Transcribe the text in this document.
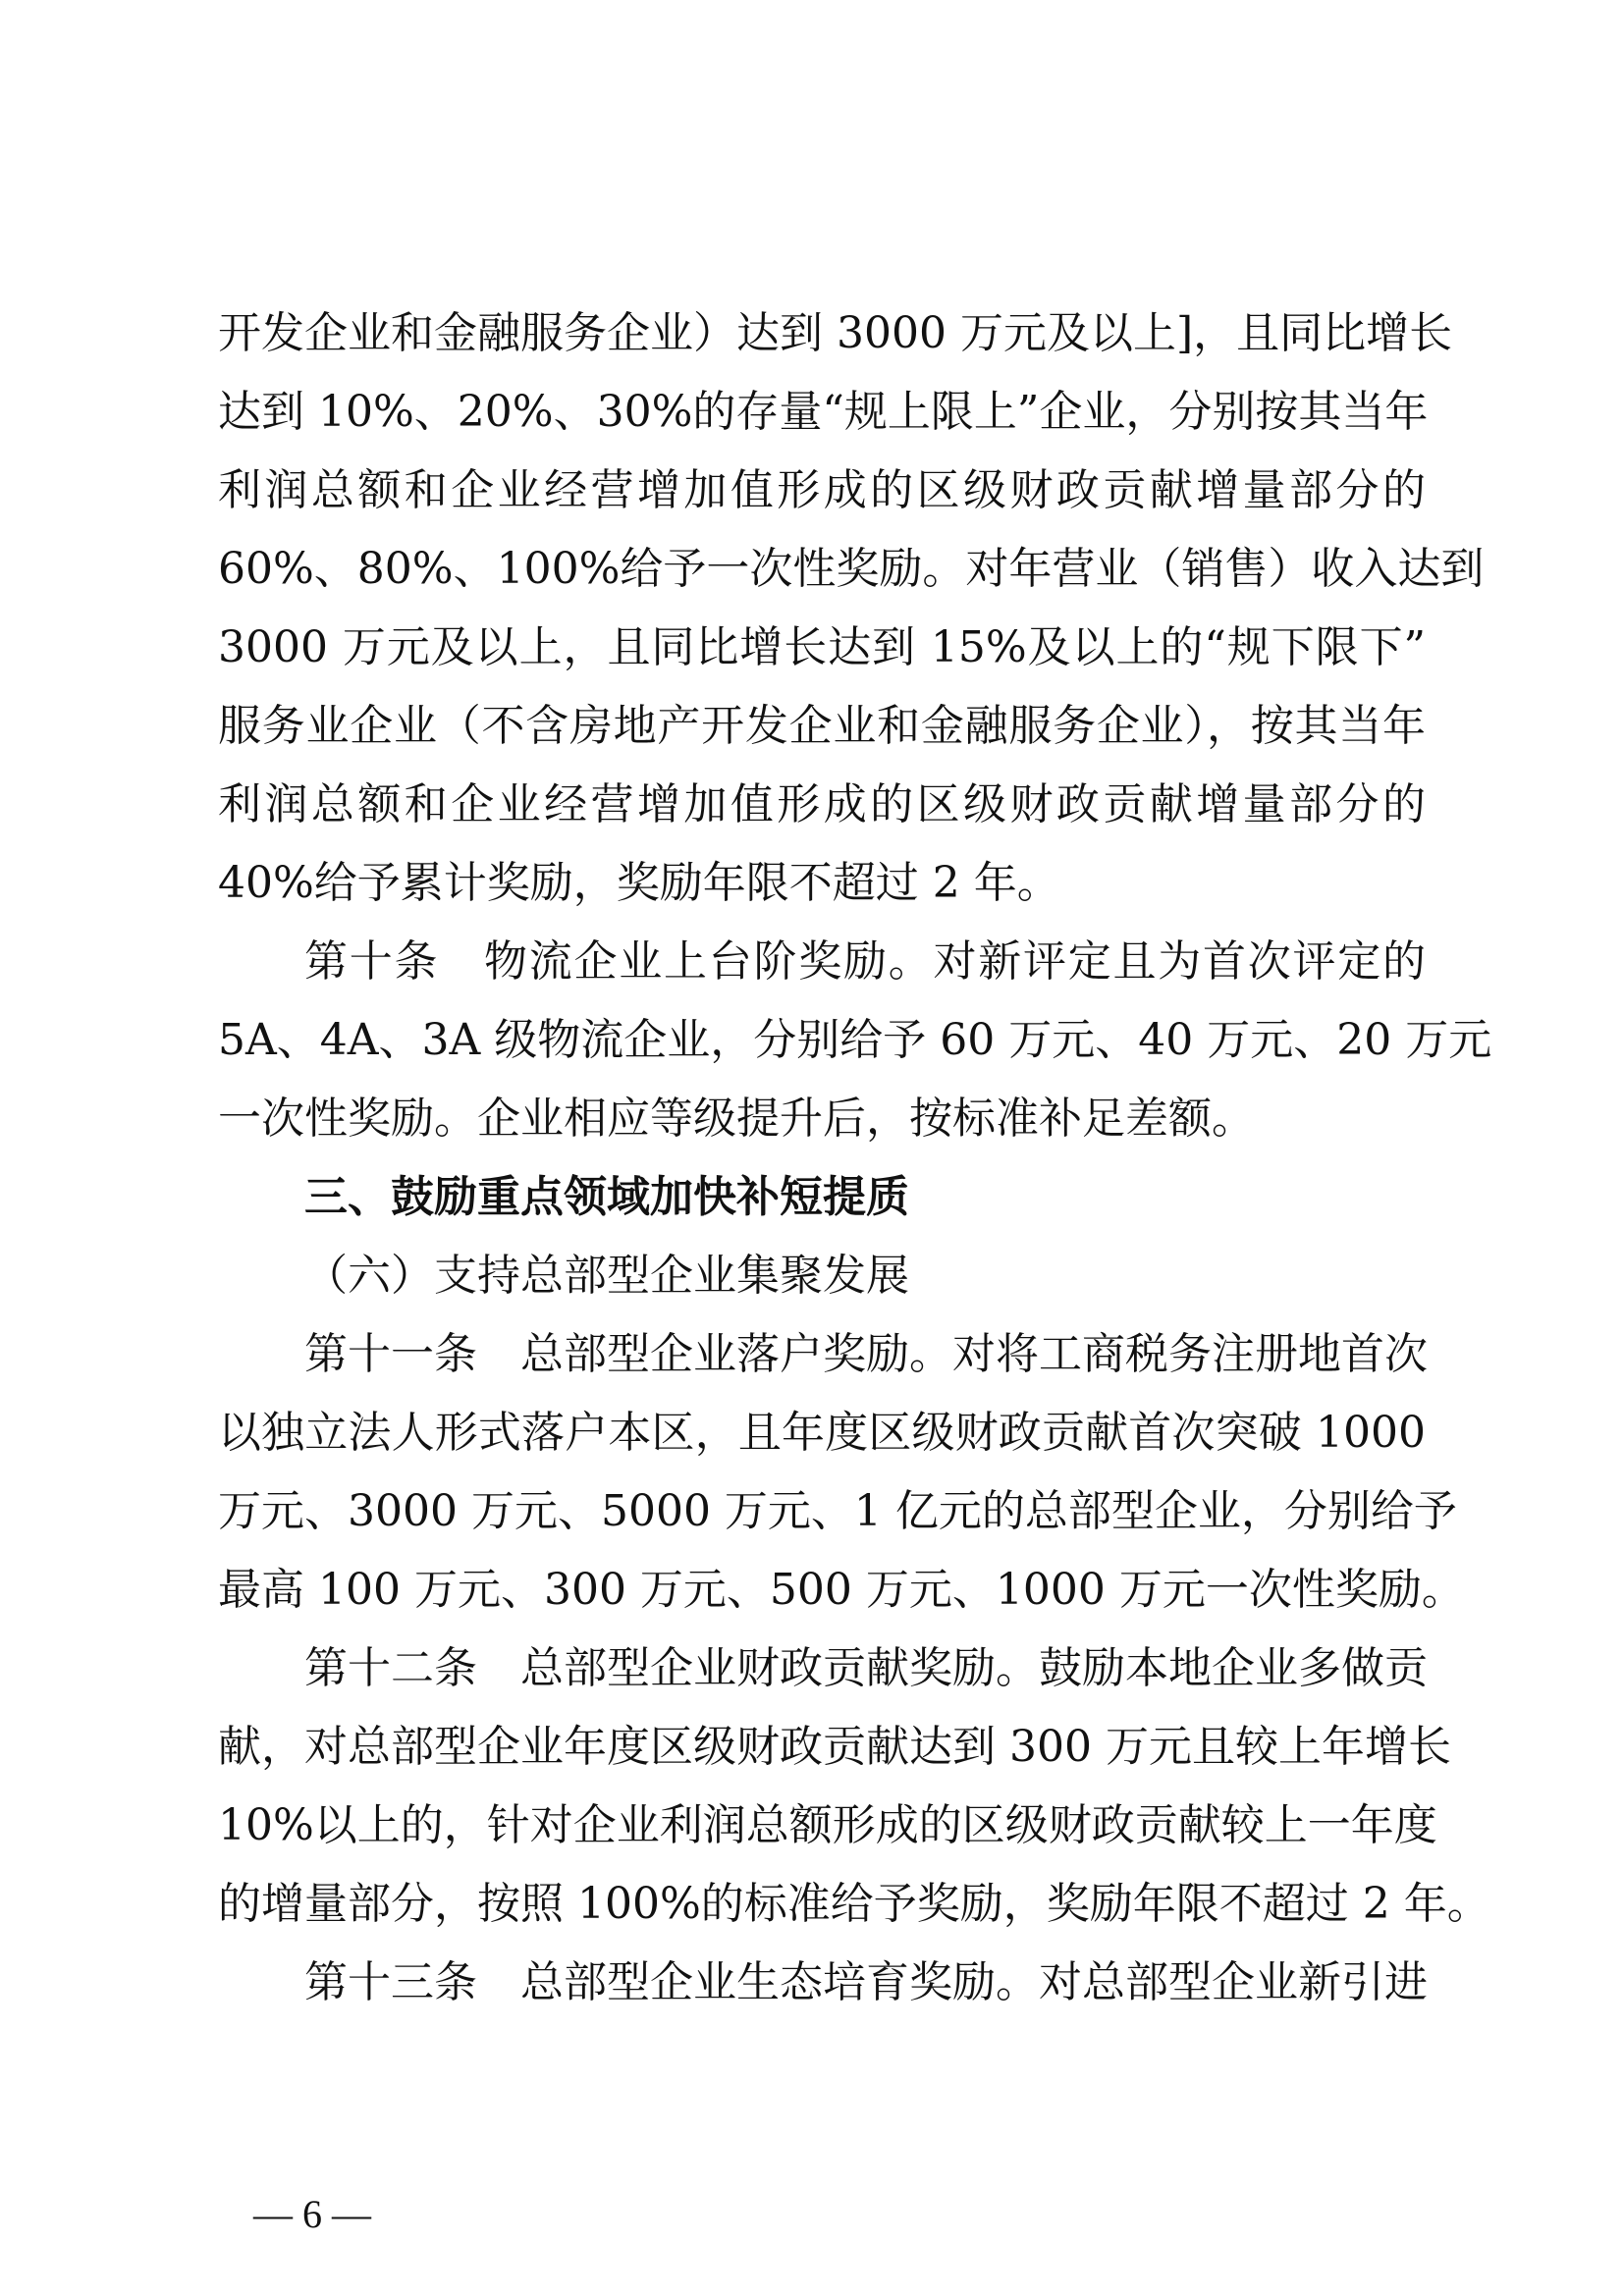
开发企业和金融服务企业）达到 3000 万元及以上]，且同比增长
达到 10%、20%、30%的存量“规上限上”企业，分别按其当年
利润总额和企业经营增加值形成的区级财政贡献增量部分的
60%、80%、100%给予一次性奖励。对年营业（销售）收入达到
3000 万元及以上，且同比增长达到 15%及以上的“规下限下”
服务业企业（不含房地产开发企业和金融服务企业），按其当年
利润总额和企业经营增加值形成的区级财政贡献增量部分的
40%给予累计奖励，奖励年限不超过 2 年。
第十条　物流企业上台阶奖励。对新评定且为首次评定的
5A、4A、3A 级物流企业，分别给予 60 万元、40 万元、20 万元
一次性奖励。企业相应等级提升后，按标准补足差额。
三、鼓励重点领域加快补短提质
（六）支持总部型企业集聚发展
第十一条　总部型企业落户奖励。对将工商税务注册地首次
以独立法人形式落户本区，且年度区级财政贡献首次突破 1000
万元、3000 万元、5000 万元、1 亿元的总部型企业，分别给予
最高 100 万元、300 万元、500 万元、1000 万元一次性奖励。
第十二条　总部型企业财政贡献奖励。鼓励本地企业多做贡
献，对总部型企业年度区级财政贡献达到 300 万元且较上年增长
10%以上的，针对企业利润总额形成的区级财政贡献较上一年度
的增量部分，按照 100%的标准给予奖励，奖励年限不超过 2 年。
第十三条　总部型企业生态培育奖励。对总部型企业新引进
— 6 —
